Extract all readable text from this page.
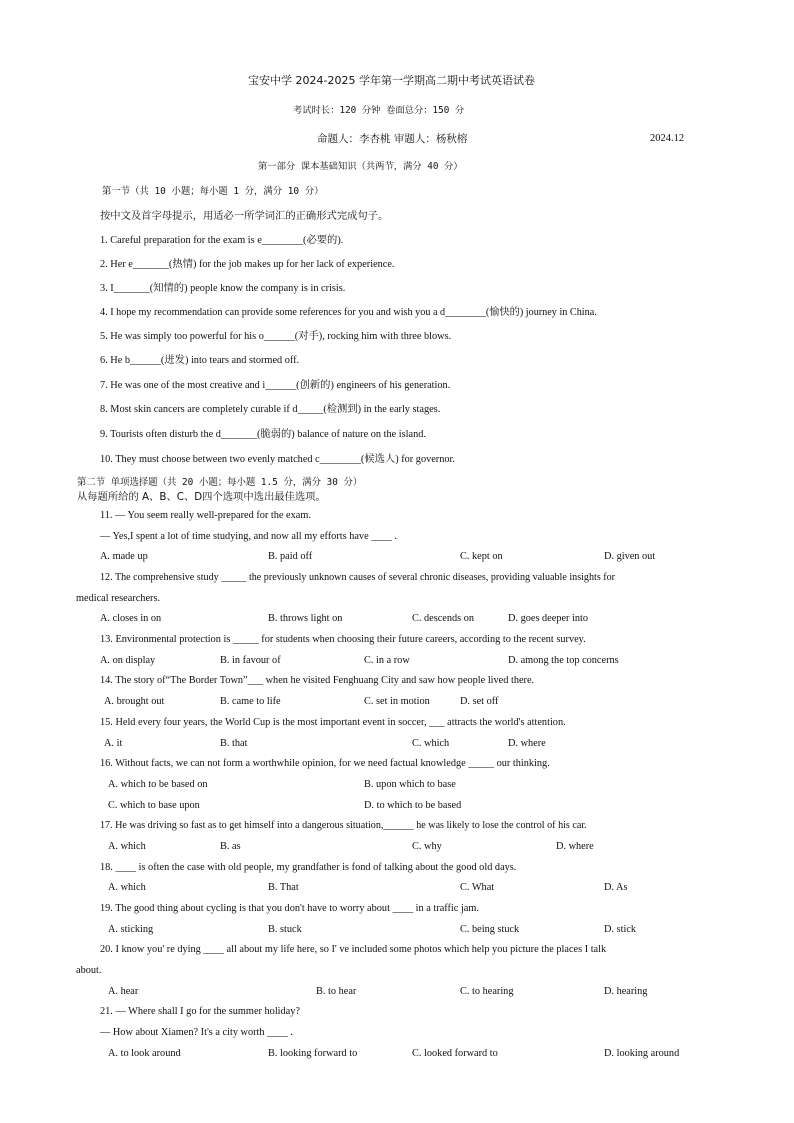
宝安中学 2024-2025 学年第一学期高二期中考试英语试卷
考试时长：120 分钟 卷面总分：150 分
命题人：李杏桃 审题人：杨秋榕	2024.12
第一部分 课本基础知识（共两节，满分 40 分）
第一节（共 10 小题；每小题 1 分，满分 10 分）
按中文及首字母提示，用适必一所学词汇的正确形式完成句子。
1. Careful preparation for the exam is e________(必要的).
2. Her e_______(热情) for the job makes up for her lack of experience.
3. I_______(知情的) people know the company is in crisis.
4. I hope my recommendation can provide some references for you and wish you a d________(愉快的) journey in China.
5. He was simply too powerful for his o______(对手), rocking him with three blows.
6. He b______(迸发) into tears and stormed off.
7. He was one of the most creative and i______(创新的) engineers of his generation.
8. Most skin cancers are completely curable if d_____(检测到) in the early stages.
9. Tourists often disturb the d_______(脆弱的) balance of nature on the island.
10. They must choose between two evenly matched c________(候选人) for governor.
第二节 单项选择题（共 20 小题；每小题 1.5 分，满分 30 分）
从每题所给的 A、B、C、D四个选项中选出最佳选项。
11. — You seem really well-prepared for the exam.
— Yes,I spent a lot of time studying, and now all my efforts have ____ .
A. made up	B. paid off	C. kept on	D. given out
12. The comprehensive study _____ the previously unknown causes of several chronic diseases, providing valuable insights for
medical researchers.
A. closes in on	B. throws light on	C. descends on	D. goes deeper into
13. Environmental protection is _____ for students when choosing their future careers, according to the recent survey.
A. on display	B. in favour of	C. in a row	D. among the top concerns
14. The story of“The Border Town”___ when he visited Fenghuang City and saw how people lived there.
A. brought out	B. came to life	C. set in motion	D. set off
15. Held every four years, the World Cup is the most important event in soccer, ___ attracts the world's attention.
A. it	B. that	C. which	D. where
16. Without facts, we can not form a worthwhile opinion, for we need factual knowledge _____ our thinking.
A. which to be based on	B. upon which to base
C. which to base upon	D. to which to be based
17. He was driving so fast as to get himself into a dangerous situation,______ he was likely to lose the control of his car.
A. which	B. as	C. why	D. where
18. ____ is often the case with old people, my grandfather is fond of talking about the good old days.
A. which	B. That	C. What	D. As
19. The good thing about cycling is that you don't have to worry about ____ in a traffic jam.
A. sticking	B. stuck	C. being stuck	D. stick
20. I know you' re dying ____ all about my life here, so I' ve included some photos which help you picture the places I talk
about.
A. hear	B. to hear	C. to hearing	D. hearing
21. — Where shall I go for the summer holiday?
— How about Xiamen? It's a city worth ____ .
A. to look around	B. looking forward to	C. looked forward to	D. looking around
